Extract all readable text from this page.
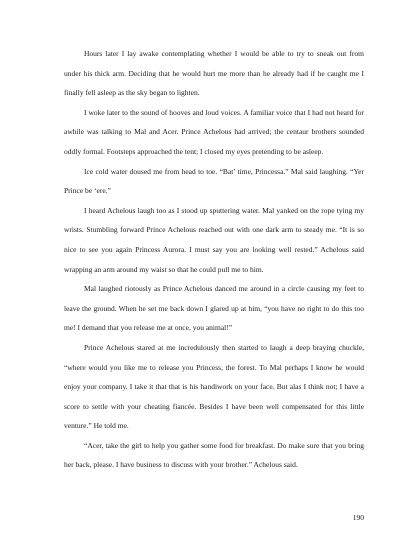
Hours later I lay awake contemplating whether I would be able to try to sneak out from under his thick arm. Deciding that he would hurt me more than he already had if he caught me I finally fell asleep as the sky began to lighten.

I woke later to the sound of hooves and loud voices. A familiar voice that I had not heard for awhile was talking to Mal and Acer. Prince Achelous had arrived; the centaur brothers sounded oddly formal. Footsteps approached the tent; I closed my eyes pretending to be asleep.

Ice cold water doused me from head to toe. “Bat’ time, Princessa.” Mal said laughing. “Yer Prince be ‘ere.”

I heard Achelous laugh too as I stood up sputtering water. Mal yanked on the rope tying my wrists. Stumbling forward Prince Achelous reached out with one dark arm to steady me. “It is so nice to see you again Princess Aurora. I must say you are looking well rested.” Achelous said wrapping an arm around my waist so that he could pull me to him.

Mal laughed riotously as Prince Achelous danced me around in a circle causing my feet to leave the ground. When he set me back down I glared up at him, “you have no right to do this too me! I demand that you release me at once, you animal!”

Prince Achelous stared at me incredulously then started to laugh a deep braying chuckle, “where would you like me to release you Princess, the forest. To Mal perhaps I know he would enjoy your company. I take it that that is his handiwork on your face. But alas I think not; I have a score to settle with your cheating fiancée. Besides I have been well compensated for this little venture.” He told me.

“Acer, take the girl to help you gather some food for breakfast. Do make sure that you bring her back, please. I have business to discuss with your brother.” Achelous said.

190
